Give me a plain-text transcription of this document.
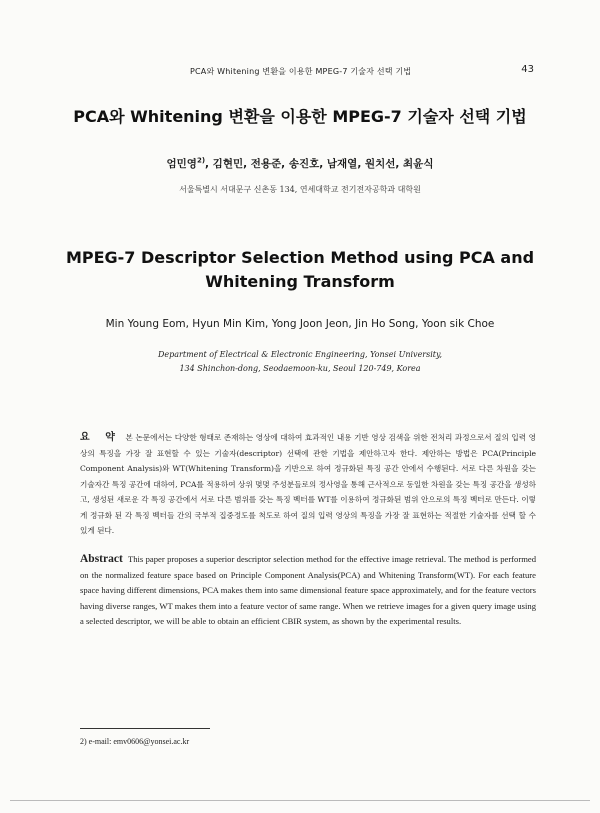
PCA와 Whitening 변환을 이용한 MPEG-7 기술자 선택 기법	43
PCA와 Whitening 변환을 이용한 MPEG-7 기술자 선택 기법
엄민영$^{2)}$, 김현민, 전용준, 송진호, 남재열, 원치선, 최윤식
서울특별시 서대문구 신촌동 134, 연세대학교 전기전자공학과 대학원
MPEG-7 Descriptor Selection Method using PCA and
Whitening Transform
Min Young Eom, Hyun Min Kim, Yong Joon Jeon, Jin Ho Song, Yoon sik Choe
Department of Electrical & Electronic Engineering, Yonsei University,
134 Shinchon-dong, Seodaemoon-ku, Seoul 120-749, Korea
요 약 본 논문에서는 다양한 형태로 존재하는 영상에 대하여 효과적인 내용 기반 영상 검색을 위한 전처리 과정으로서 질의 입력 영상의 특징을 가장 잘 표현할 수 있는 기술자(descriptor) 선택에 관한 기법을 제안하고자 한다. 제안하는 방법은 PCA(Principle Component Analysis)와 WT(Whitening Transform)을 기반으로 하여 정규화된 특징 공간 안에서 수행된다. 서로 다른 차원을 갖는 기술자간 특징 공간에 대하여, PCA를 적용하여 상위 몇몇 주성분들로의 정사영을 통해 근사적으로 동일한 차원을 갖는 특징 공간을 생성하고, 생성된 새로운 각 특징 공간에서 서로 다른 범위를 갖는 특징 벡터를 WT를 이용하여 정규화된 범위 안으로의 특징 벡터로 만든다. 이렇게 정규화 된 각 특징 벡터들 간의 국부적 집중정도를 척도로 하여 질의 입력 영상의 특징을 가장 잘 표현하는 적절한 기술자를 선택 할 수 있게 된다.
Abstract This paper proposes a superior descriptor selection method for the effective image retrieval. The method is performed on the normalized feature space based on Principle Component Analysis(PCA) and Whitening Transform(WT). For each feature space having different dimensions, PCA makes them into same dimensional feature space approximately, and for the feature vectors having diverse ranges, WT makes them into a feature vector of same range. When we retrieve images for a given query image using a selected descriptor, we will be able to obtain an efficient CBIR system, as shown by the experimental results.
2) e-mail: emv0606@yonsei.ac.kr
